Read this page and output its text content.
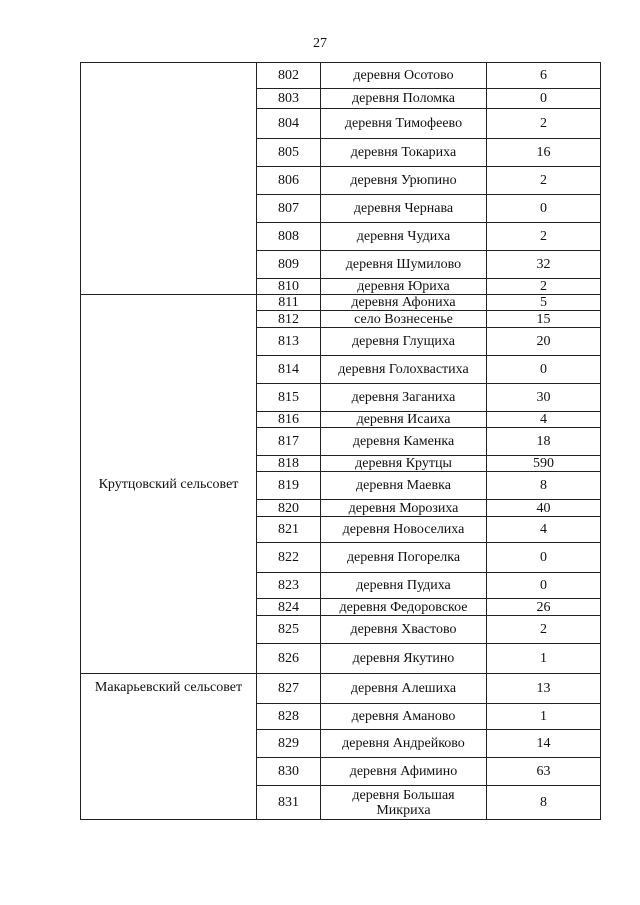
27
	802	деревня Осотово	6
	803	деревня Поломка	0
	804	деревня Тимофеево	2
	805	деревня Токариха	16
	806	деревня Урюпино	2
	807	деревня Чернава	0
	808	деревня Чудиха	2
	809	деревня Шумилово	32
	810	деревня Юриха	2
Крутцовский сельсовет	811	деревня Афониха	5
	812	село Вознесенье	15
	813	деревня Глущиха	20
	814	деревня Голохвастиха	0
	815	деревня Заганиха	30
	816	деревня Исаиха	4
	817	деревня Каменка	18
	818	деревня Крутцы	590
	819	деревня Маевка	8
	820	деревня Морозиха	40
	821	деревня Новоселиха	4
	822	деревня Погорелка	0
	823	деревня Пудиха	0
	824	деревня Федоровское	26
	825	деревня Хвастово	2
	826	деревня Якутино	1
Макарьевский сельсовет	827	деревня Алешиха	13
	828	деревня Аманово	1
	829	деревня Андрейково	14
	830	деревня Афимино	63
	831	деревня Большая Микриха	8
